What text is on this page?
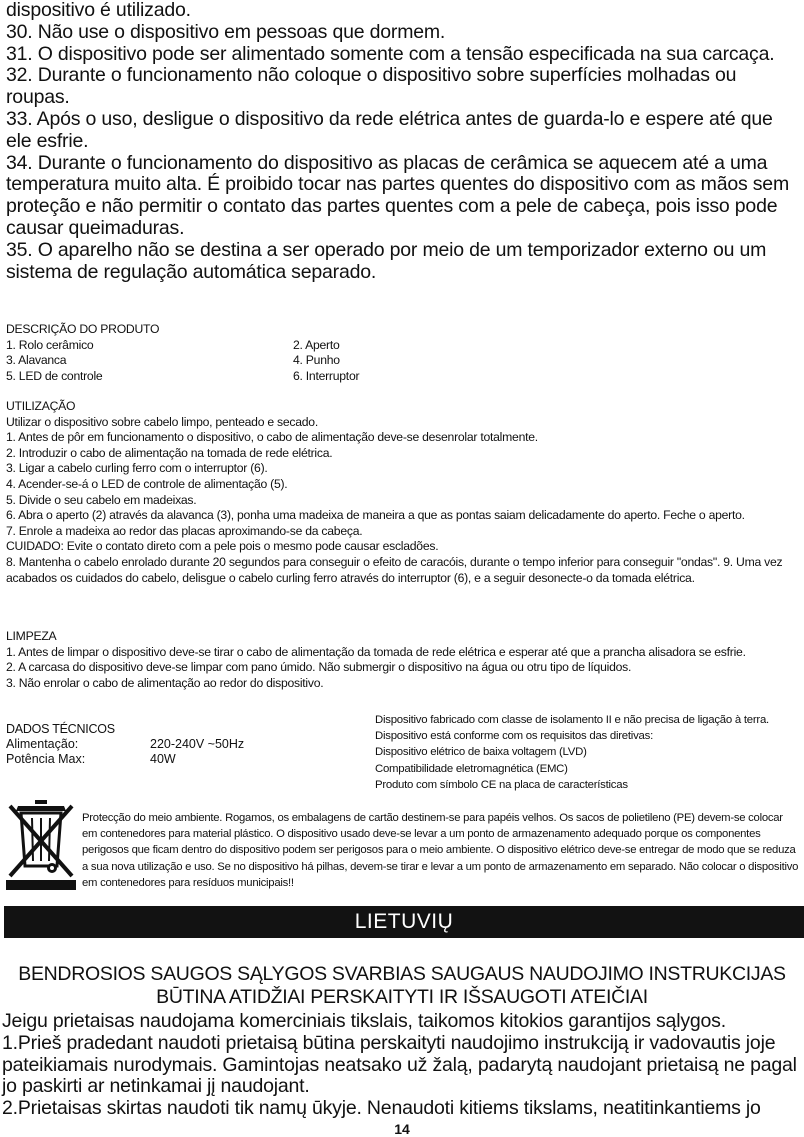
dispositivo é utilizado.

30. Não use o dispositivo em pessoas que dormem.

31. O dispositivo pode ser alimentado somente com a tensão especificada na sua carcaça.

32. Durante o funcionamento não coloque o dispositivo sobre superfícies molhadas ou roupas.

33. Após o uso, desligue o dispositivo da rede elétrica antes de guarda-lo e espere até que ele esfrie.

34. Durante o funcionamento do dispositivo as placas de cerâmica se aquecem até a uma temperatura muito alta. É proibido tocar nas partes quentes do dispositivo com as mãos sem proteção e não permitir o contato das partes quentes com a pele de cabeça, pois isso pode causar queimaduras.

35. O aparelho não se destina a ser operado por meio de um temporizador externo ou um sistema de regulação automática separado.

DESCRIÇÃO DO PRODUTO

1. Rolo cerâmico	2. Aperto
3. Alavanca	4. Punho
5. LED de controle	6. Interruptor

UTILIZAÇÃO

Utilizar o dispositivo sobre cabelo limpo, penteado e secado.

1. Antes de pôr em funcionamento o dispositivo, o cabo de alimentação deve-se desenrolar totalmente.

2. Introduzir o cabo de alimentação na tomada de rede elétrica.

3. Ligar a cabelo curling ferro com o interruptor (6).

4. Acender-se-á o LED de controle de alimentação (5).

5. Divide o seu cabelo em madeixas.

6. Abra o aperto (2) através da alavanca (3), ponha uma madeixa de maneira a que as pontas saiam delicadamente do aperto. Feche o aperto.

7. Enrole a madeixa ao redor das placas aproximando-se da cabeça.

CUIDADO: Evite o contato direto com a pele pois o mesmo pode causar escladões.

8. Mantenha o cabelo enrolado durante 20 segundos para conseguir o efeito de caracóis, durante o tempo inferior para conseguir "ondas". 9. Uma vez acabados os cuidados do cabelo, delisgue o cabelo curling ferro através do interruptor (6), e a seguir desonecte-o da tomada elétrica.

LIMPEZA

1. Antes de limpar o dispositivo deve-se tirar o cabo de alimentação da tomada de rede elétrica e esperar até que a prancha alisadora se esfrie.

2. A carcasa do dispositivo deve-se limpar com pano úmido. Não submergir o dispositivo na água ou otru tipo de líquidos.

3. Não enrolar o cabo de alimentação ao redor do dispositivo.

DADOS TÉCNICOS
Alimentação:	220-240V ~50Hz
Potência Max:	40W

Dispositivo fabricado com classe de isolamento II e não precisa de ligação à terra.

Dispositivo está conforme com os requisitos das diretivas:

Dispositivo elétrico de baixa voltagem (LVD)

Compatibilidade eletromagnética (EMC)

Produto com símbolo CE na placa de características

Protecção do meio ambiente. Rogamos, os embalagens de cartão destinem-se para papéis velhos. Os sacos de polietileno (PE) devem-se colocar em contenedores para material plástico. O dispositivo usado deve-se levar a um ponto de armazenamento adequado porque os componentes perigosos que ficam dentro do dispositivo podem ser perigosos para o meio ambiente. O dispositivo elétrico deve-se entregar de modo que se reduza a sua nova utilização e uso. Se no dispositivo há pilhas, devem-se tirar e levar a um ponto de armazenamento em separado. Não colocar o dispositivo em contenedores para resíduos municipais!!
LIETUVIŲ
BENDROSIOS SAUGOS SĄLYGOS SVARBIAS SAUGAUS NAUDOJIMO INSTRUKCIJAS
BŪTINA ATIDŽIAI PERSKAITYTI IR IŠSAUGOTI ATEIČIAI

Jeigu prietaisas naudojama komerciniais tikslais, taikomos kitokios garantijos sąlygos.

1.Prieš pradedant naudoti prietaisą būtina perskaityti naudojimo instrukciją ir vadovautis joje pateikiamais nurodymais. Gamintojas neatsako už žalą, padarytą naudojant prietaisą ne pagal jo paskirti ar netinkamai jį naudojant.

2.Prietaisas skirtas naudoti tik namų ūkyje. Nenaudoti kitiems tikslams, neatitinkantiems jo

14
